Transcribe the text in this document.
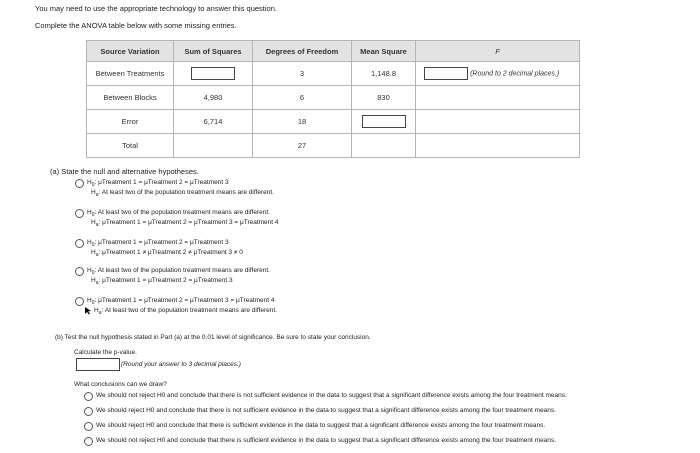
You may need to use the appropriate technology to answer this question.
Complete the ANOVA table below with some missing entries.
Source Variation	Sum of Squares	Degrees of Freedom	Mean Square	F
Between Treatments		3	1,148.8	(Round to 2 decimal places.)
Between Blocks	4,980	6	830	
Error	6,714	18		
Total		27		
(a) State the null and alternative hypotheses.
$H_0$: μTreatment 1 = μTreatment 2 = μTreatment 3
$H_a$: At least two of the population treatment means are different.
$H_0$: At least two of the population treatment means are different.
$H_a$: μTreatment 1 = μTreatment 2 = μTreatment 3 = μTreatment 4
$H_0$: μTreatment 1 = μTreatment 2 = μTreatment 3
$H_a$: μTreatment 1 ≠ μTreatment 2 ≠ μTreatment 3 ≠ 0
$H_0$: At least two of the population treatment means are different.
$H_a$: μTreatment 1 = μTreatment 2 = μTreatment 3
$H_0$: μTreatment 1 = μTreatment 2 = μTreatment 3 = μTreatment 4
$H_a$: At least two of the population treatment means are different.
(b) Test the null hypothesis stated in Part (a) at the 0.01 level of significance. Be sure to state your conclusion.
Calculate the p-value.
(Round your answer to 3 decimal places.)
What conclusions can we draw?
We should not reject H0 and conclude that there is not sufficient evidence in the data to suggest that a significant difference exists among the four treatment means.
We should reject H0 and conclude that there is not sufficient evidence in the data to suggest that a significant difference exists among the four treatment means.
We should reject H0 and conclude that there is sufficient evidence in the data to suggest that a significant difference exists among the four treatment means.
We should not reject H0 and conclude that there is sufficient evidence in the data to suggest that a significant difference exists among the four treatment means.
